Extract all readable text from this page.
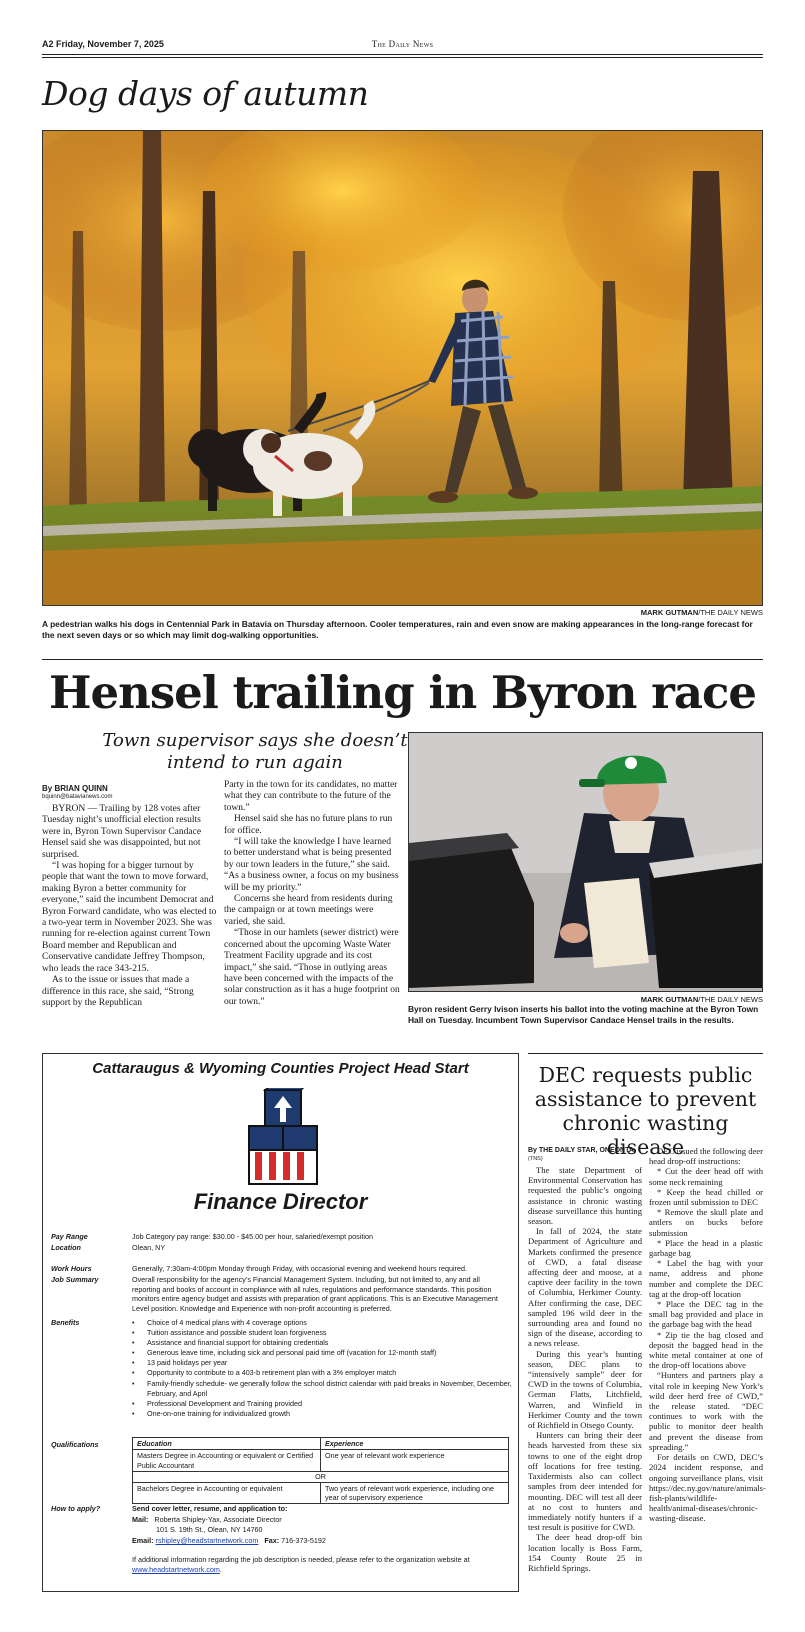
A2 Friday, November 7, 2025	The Daily News
Dog days of autumn
MARK GUTMAN/THE DAILY NEWS
A pedestrian walks his dogs in Centennial Park in Batavia on Thursday afternoon. Cooler temperatures, rain and even snow are making appearances in the long-range forecast for the next seven days or so which may limit dog-walking opportunities.
Hensel trailing in Byron race
Town supervisor says she doesn’t intend to run again
By BRIAN QUINN
bquinn@batavianews.com

BYRON — Trailing by 128 votes after Tuesday night’s unofficial election results were in, Byron Town Supervisor Candace Hensel said she was disappointed, but not surprised.

“I was hoping for a bigger turnout by people that want the town to move forward, making Byron a better community for everyone,” said the incumbent Democrat and Byron Forward candidate, who was elected to a two-year term in November 2023. She was running for re-election against current Town Board member and Republican and Conservative candidate Jeffrey Thompson, who leads the race 343-215.

As to the issue or issues that made a difference in this race, she said, “Strong support by the Republican

Party in the town for its candidates, no matter what they can contribute to the future of the town.”

Hensel said she has no future plans to run for office.

“I will take the knowledge I have learned to better understand what is being presented by our town leaders in the future,” she said. “As a business owner, a focus on my business will be my priority.”

Concerns she heard from residents during the campaign or at town meetings were varied, she said.

“Those in our hamlets (sewer district) were concerned about the upcoming Waste Water Treatment Facility upgrade and its cost impact,” she said. “Those in outlying areas have been concerned with the impacts of the solar construction as it has a huge footprint on our town.”	MARK GUTMAN/THE DAILY NEWS
Byron resident Gerry Ivison inserts his ballot into the voting machine at the Byron Town Hall on Tuesday. Incumbent Town Supervisor Candace Hensel trails in the results.
Cattaraugus & Wyoming Counties Project Head Start
Finance Director
Pay Range	Job Category pay range: $30.00 - $45.00 per hour, salaried/exempt position
Location	Olean, NY
Work Hours	Generally, 7:30am-4:00pm Monday through Friday, with occasional evening and weekend hours required.
Job Summary	Overall responsibility for the agency’s Financial Management System. Including, but not limited to, any and all reporting and books of account in compliance with all rules, regulations and performance standards. This position monitors entire agency budget and assists with preparation of grant applications. This is an Executive Management Level position. Knowledge and Experience with non-profit accounting is preferred.
Benefits	• Choice of 4 medical plans with 4 coverage options
• Tuition assistance and possible student loan forgiveness
• Assistance and financial support for obtaining credentials
• Generous leave time, including sick and personal paid time off (vacation for 12-month staff)
• 13 paid holidays per year
• Opportunity to contribute to a 403-b retirement plan with a 3% employer match
• Family-friendly schedule- we generally follow the school district calendar with paid breaks in November, December, February, and April
• Professional Development and Training provided
• One-on-one training for individualized growth
Qualifications	Education	Experience
Masters Degree in Accounting or equivalent or Certified Public Accountant	One year of relevant work experience
OR	
Bachelors Degree in Accounting or equivalent	Two years of relevant work experience, including one year of supervisory experience
How to apply?	Send cover letter, resume, and application to:
Mail: Roberta Shipley-Yax, Associate Director
101 S. 19th St., Olean, NY 14760
Email: rshipley@headstartnetwork.com Fax: 716-373-5192
If additional information regarding the job description is needed, please refer to the organization website at www.headstartnetwork.com.
DEC requests public assistance to prevent chronic wasting disease
By THE DAILY STAR, ONEONTA
(TNS)

The state Department of Environmental Conservation has requested the public’s ongoing assistance in chronic wasting disease surveillance this hunting season.

In fall of 2024, the state Department of Agriculture and Markets confirmed the presence of CWD, a fatal disease affecting deer and moose, at a captive deer facility in the town of Columbia, Herkimer County. After confirming the case, DEC sampled 196 wild deer in the surrounding area and found no sign of the disease, according to a news release.

During this year’s hunting season, DEC plans to “intensively sample” deer for CWD in the towns of Columbia, German Flatts, Litchfield, Warren, and Winfield in Herkimer County and the town of Richfield in Otsego County.

Hunters can bring their deer heads harvested from these six towns to one of the eight drop off locations for free testing. Taxidermists also can collect samples from deer intended for mounting. DEC will test all deer at no cost to hunters and immediately notify hunters if a test result is positive for CWD.

The deer head drop-off bin location locally is Boss Farm, 154 County Route 25 in Richfield Springs.

DEC issued the following deer head drop-off instructions:

* Cut the deer head off with some neck remaining

* Keep the head chilled or frozen until submission to DEC

* Remove the skull plate and antlers on bucks before submission

* Place the head in a plastic garbage bag

* Label the bag with your name, address and phone number and complete the DEC tag at the drop-off location

* Place the DEC tag in the small bag provided and place in the garbage bag with the head

* Zip tie the bag closed and deposit the bagged head in the white metal container at one of the drop-off locations above

“Hunters and partners play a vital role in keeping New York’s wild deer herd free of CWD,” the release stated. “DEC continues to work with the public to monitor deer health and prevent the disease from spreading.”

For details on CWD, DEC’s 2024 incident response, and ongoing surveillance plans, visit https://dec.ny.gov/nature/animals-fish-plants/wildlife-health/animal-diseases/chronic-wasting-disease.
